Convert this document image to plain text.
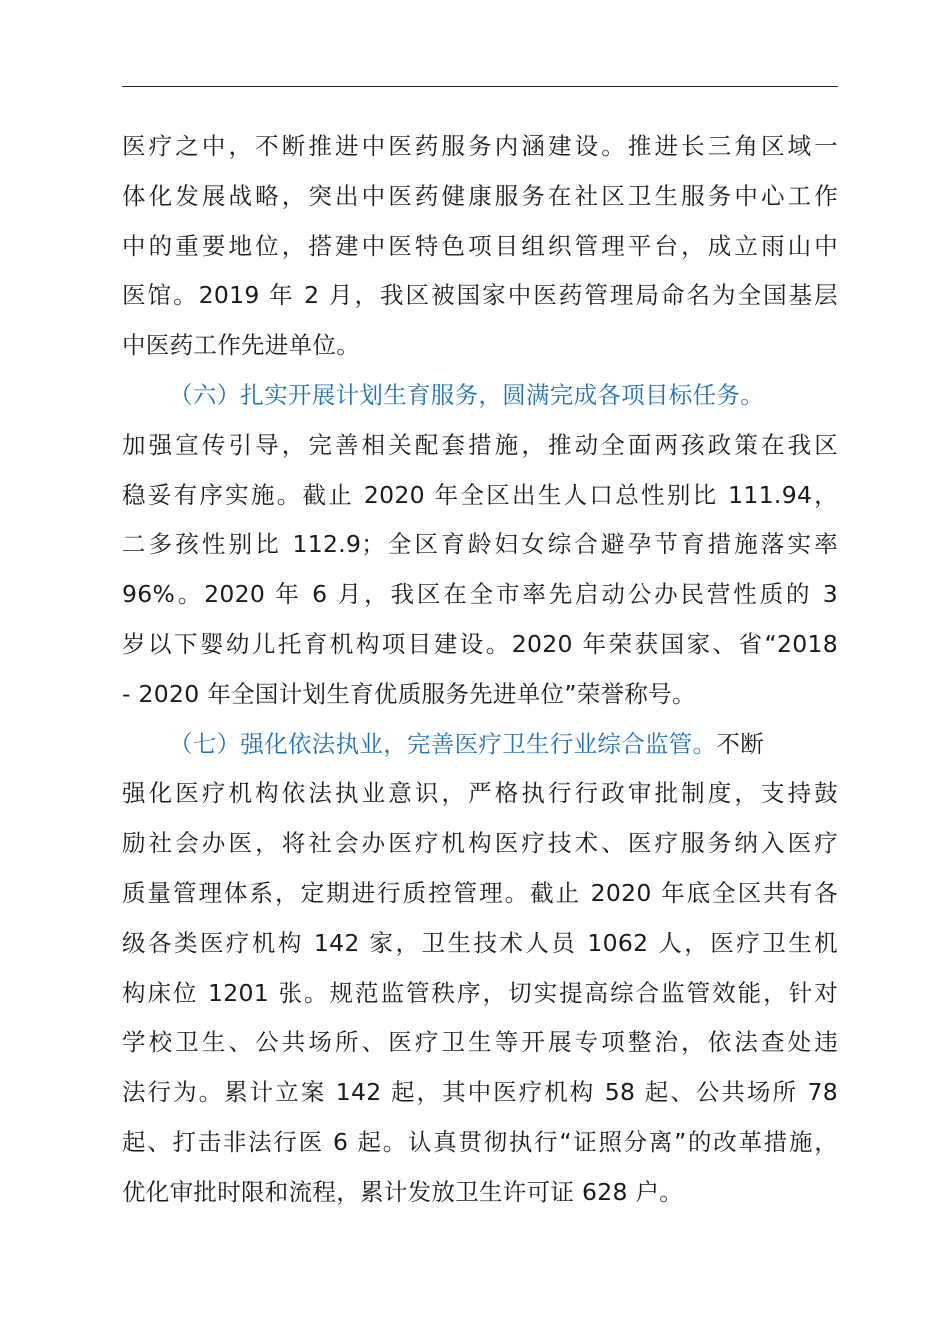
医疗之中，不断推进中医药服务内涵建设。推进长三角区域一
体化发展战略，突出中医药健康服务在社区卫生服务中心工作
中的重要地位，搭建中医特色项目组织管理平台，成立雨山中
医馆。2019 年 2 月，我区被国家中医药管理局命名为全国基层
中医药工作先进单位。
（六）扎实开展计划生育服务，圆满完成各项目标任务。
加强宣传引导，完善相关配套措施，推动全面两孩政策在我区
稳妥有序实施。截止 2020 年全区出生人口总性别比 111.94，
二多孩性别比 112.9；全区育龄妇女综合避孕节育措施落实率
96%。2020 年 6 月，我区在全市率先启动公办民营性质的 3
岁以下婴幼儿托育机构项目建设。2020 年荣获国家、省“2018
- 2020 年全国计划生育优质服务先进单位”荣誉称号。
（七）强化依法执业，完善医疗卫生行业综合监管。不断
强化医疗机构依法执业意识，严格执行行政审批制度，支持鼓
励社会办医，将社会办医疗机构医疗技术、医疗服务纳入医疗
质量管理体系，定期进行质控管理。截止 2020 年底全区共有各
级各类医疗机构 142 家，卫生技术人员 1062 人，医疗卫生机
构床位 1201 张。规范监管秩序，切实提高综合监管效能，针对
学校卫生、公共场所、医疗卫生等开展专项整治，依法查处违
法行为。累计立案 142 起，其中医疗机构 58 起、公共场所 78
起、打击非法行医 6 起。认真贯彻执行“证照分离”的改革措施，
优化审批时限和流程，累计发放卫生许可证 628 户。
